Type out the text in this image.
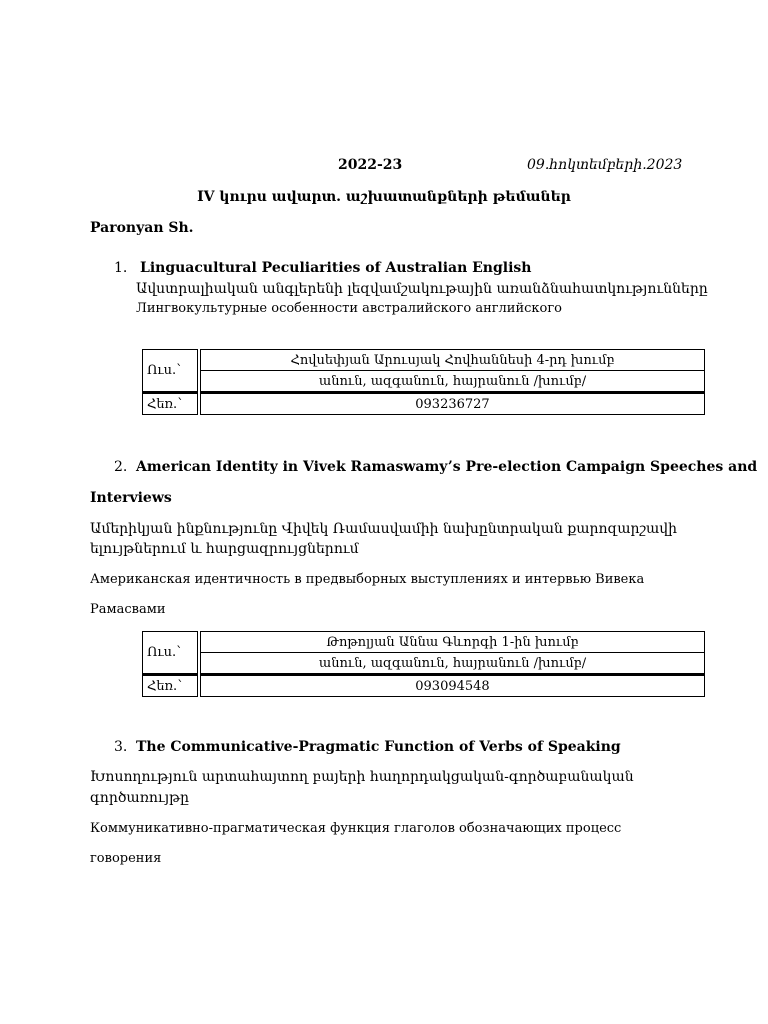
2022-23	09.հոկտեմբերի.2023
IV կուրս ավարտ. աշխատանքների թեմաներ
Paronyan Sh.
1. Linguacultural Peculiarities of Australian English
Ավստրալիական անգլերենի լեզվամշակութային առանձնահատկությունները
Лингвокультурные особенности австралийского английского
Ուս.՝	Հովսեփյան Արուսյակ Հովհաննեսի 4-րդ խումբ
	անուն, ազգանուն, հայրանուն /խումբ/
Հեռ.՝	093236727
2. American Identity in Vivek Ramaswamy’s Pre-election Campaign Speeches and
Interviews
Ամերիկյան ինքնությունը Վիվեկ Ռամասվամիի նախընտրական քարոզարշավի
ելույթներում և հարցազրույցներում
Американская идентичность в предвыборных выступлениях и интервью Вивека
Рамасвами
Ուս.՝	Թոթոլյան Աննա Գևորգի 1-ին խումբ
	անուն, ազգանուն, հայրանուն /խումբ/
Հեռ.՝	093094548
3. The Communicative-Pragmatic Function of Verbs of Speaking
Խոսողություն արտահայտող բայերի հաղորդակցական-գործաբանական
գործառույթը
Коммуникативно-прагматическая функция глаголов обозначающих процесс
говорения
